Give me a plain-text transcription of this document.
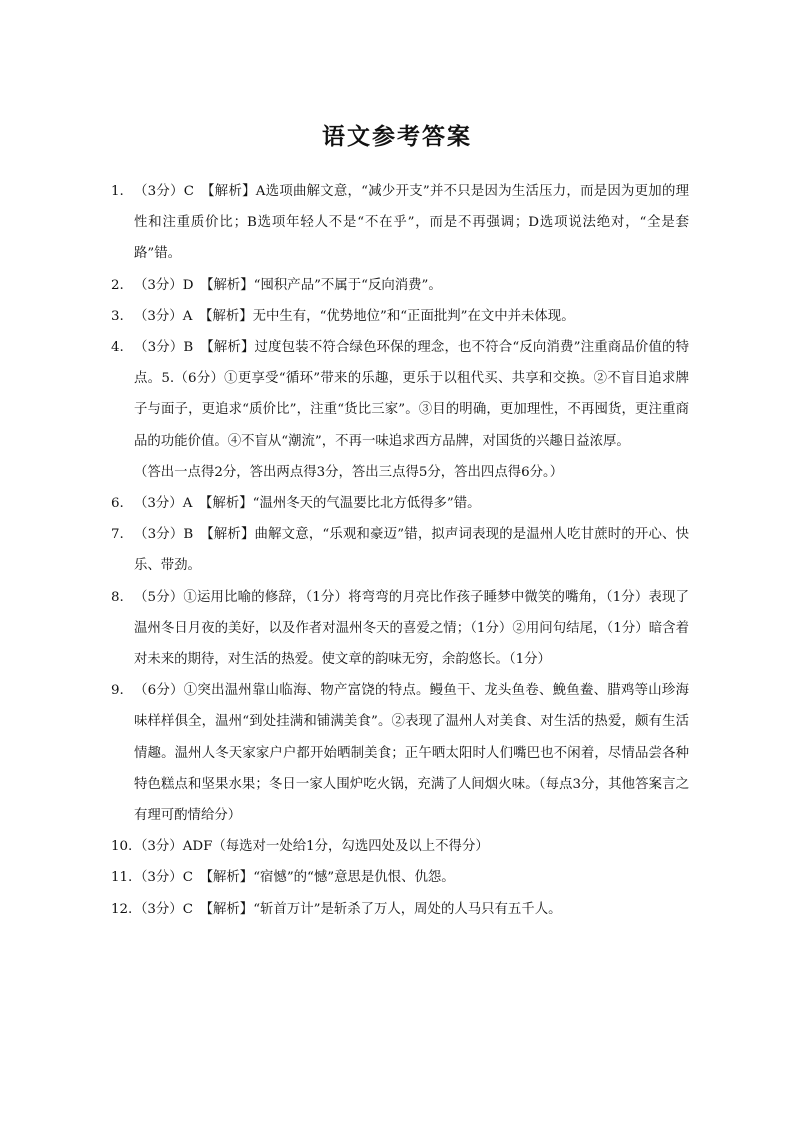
语文参考答案
1. （3分）C　【解析】A选项曲解文意，“减少开支”并不只是因为生活压力，而是因为更加的理性和注重质价比；B选项年轻人不是“不在乎”，而是不再强调；D选项说法绝对，“全是套路”错。
2. （3分）D　【解析】“囤积产品”不属于“反向消费”。
3. （3分）A　【解析】无中生有，“优势地位”和“正面批判”在文中并未体现。
4. （3分）B　【解析】过度包装不符合绿色环保的理念，也不符合“反向消费”注重商品价值的特点。5.（6分）①更享受“循环”带来的乐趣，更乐于以租代买、共享和交换。②不盲目追求牌子与面子，更追求“质价比”，注重“货比三家”。③目的明确，更加理性，不再囤货，更注重商品的功能价值。④不盲从“潮流”，不再一味追求西方品牌，对国货的兴趣日益浓厚。
（答出一点得2分，答出两点得3分，答出三点得5分，答出四点得6分。）
6. （3分）A　【解析】“温州冬天的气温要比北方低得多”错。
7. （3分）B　【解析】曲解文意，“乐观和豪迈”错，拟声词表现的是温州人吃甘蔗时的开心、快乐、带劲。
8. （5分）①运用比喻的修辞，（1分）将弯弯的月亮比作孩子睡梦中微笑的嘴角，（1分）表现了温州冬日月夜的美好，以及作者对温州冬天的喜爱之情；（1分）②用问句结尾，（1分）暗含着对未来的期待，对生活的热爱。使文章的韵味无穷，余韵悠长。（1分）
9. （6分）①突出温州靠山临海、物产富饶的特点。鳗鱼干、龙头鱼卷、鮸鱼鲞、腊鸡等山珍海味样样俱全，温州“到处挂满和铺满美食”。②表现了温州人对美食、对生活的热爱，颇有生活情趣。温州人冬天家家户户都开始晒制美食；正午晒太阳时人们嘴巴也不闲着，尽情品尝各种特色糕点和坚果水果；冬日一家人围炉吃火锅，充满了人间烟火味。（每点3分，其他答案言之有理可酌情给分）
10. （3分）ADF（每选对一处给1分，勾选四处及以上不得分）
11. （3分）C　【解析】“宿憾”的“憾”意思是仇恨、仇怨。
12. （3分）C　【解析】“斩首万计”是斩杀了万人，周处的人马只有五千人。
